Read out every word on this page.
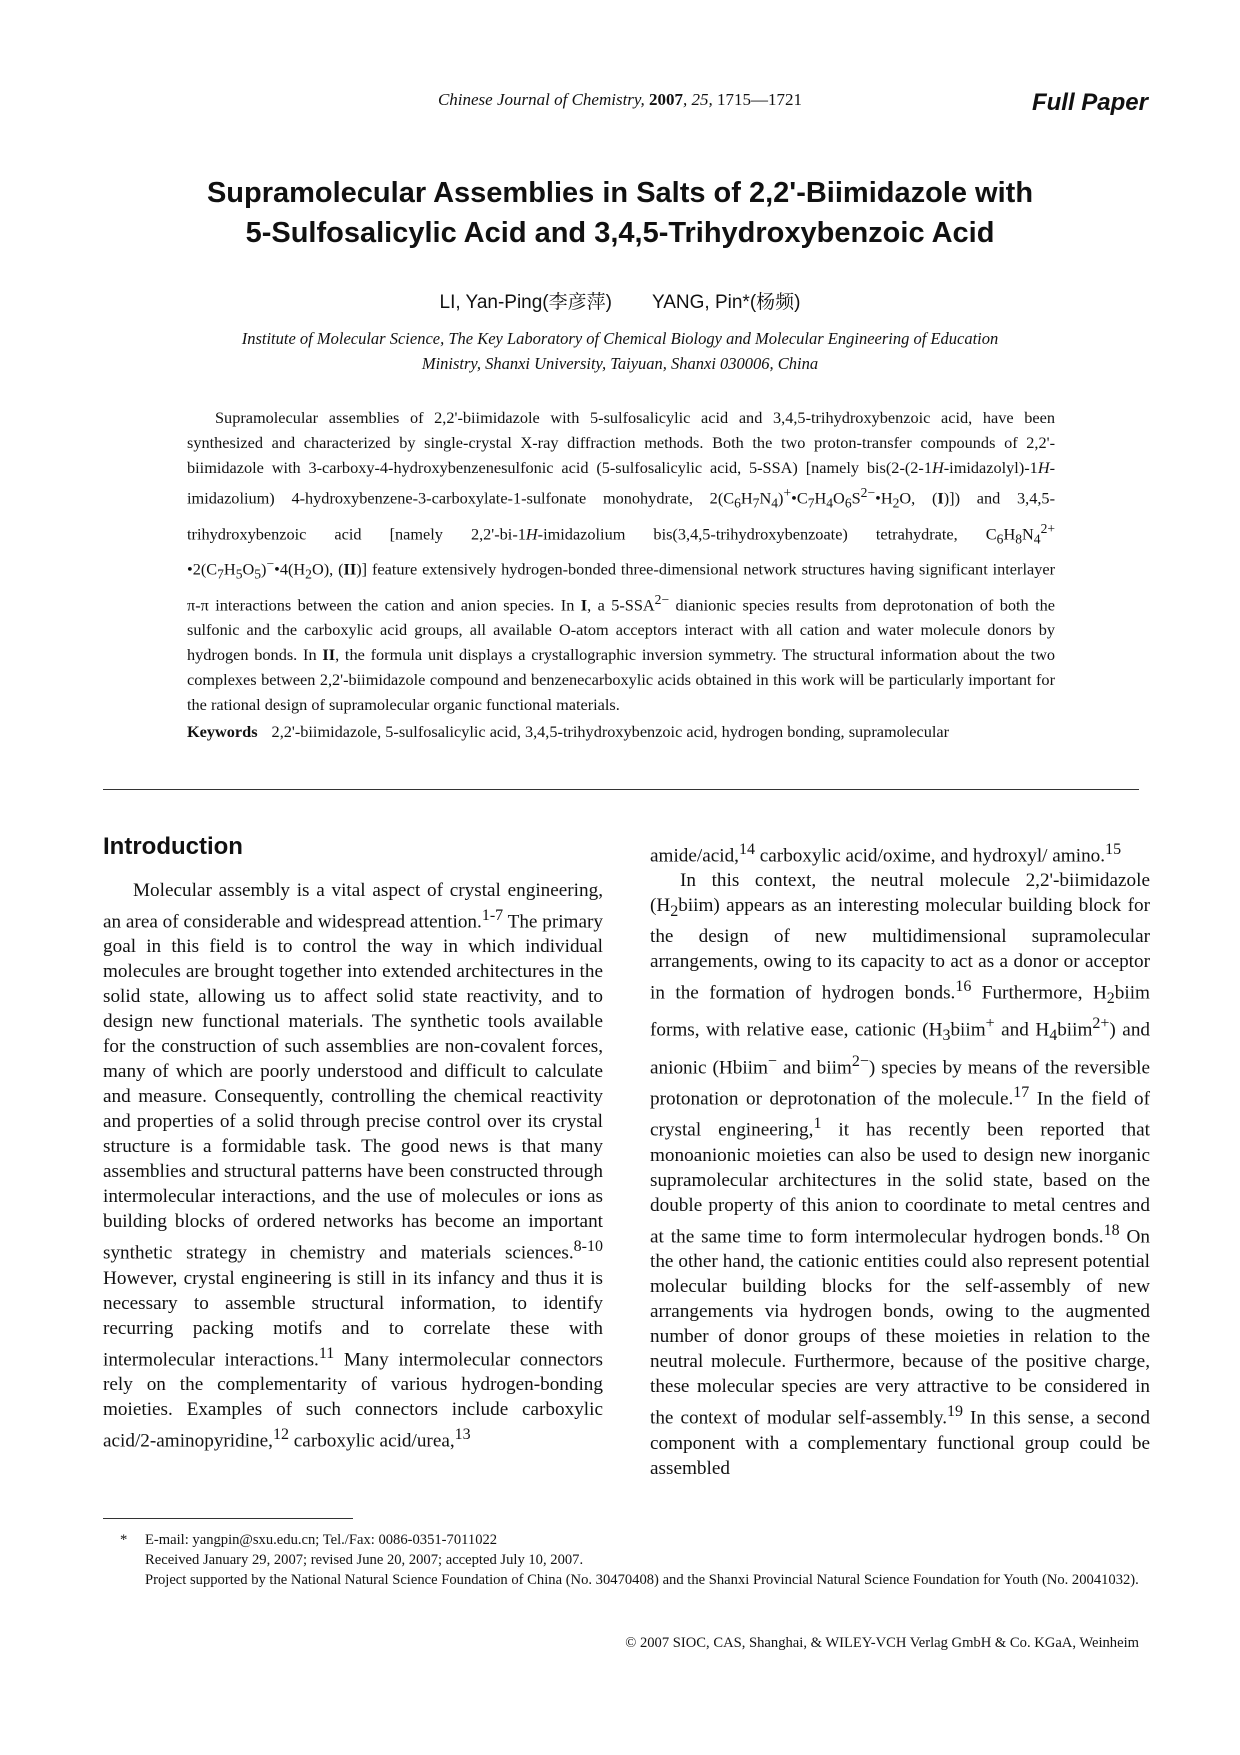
Chinese Journal of Chemistry, 2007, 25, 1715—1721	Full Paper
Supramolecular Assemblies in Salts of 2,2'-Biimidazole with
5-Sulfosalicylic Acid and 3,4,5-Trihydroxybenzoic Acid
LI, Yan-Ping(李彦萍) YANG, Pin*(杨频)
Institute of Molecular Science, The Key Laboratory of Chemical Biology and Molecular Engineering of Education
Ministry, Shanxi University, Taiyuan, Shanxi 030006, China

Supramolecular assemblies of 2,2'-biimidazole with 5-sulfosalicylic acid and 3,4,5-trihydroxybenzoic acid, have been synthesized and characterized by single-crystal X-ray diffraction methods. Both the two proton-transfer compounds of 2,2'-biimidazole with 3-carboxy-4-hydroxybenzenesulfonic acid (5-sulfosalicylic acid, 5-SSA) [namely bis(2-(2-1H-imidazolyl)-1H-imidazolium) 4-hydroxybenzene-3-carboxylate-1-sulfonate monohydrate, $2(C_6H_7N_4)^+•C_7H_4O_6S^{2-}•H_2O$, (I)]) and 3,4,5-trihydroxybenzoic acid [namely 2,2'-bi-1H-imidazolium bis(3,4,5-trihydroxybenzoate) tetrahydrate, $C_6H_8N_4^{2+}$ $•2(C_7H_5O_5)^-•4(H_2O)$, (II)] feature extensively hydrogen-bonded three-dimensional network structures having significant interlayer π-π interactions between the cation and anion species. In I, a $5-SSA^{2-}$ dianionic species results from deprotonation of both the sulfonic and the carboxylic acid groups, all available O-atom acceptors interact with all cation and water molecule donors by hydrogen bonds. In II, the formula unit displays a crystallographic inversion symmetry. The structural information about the two complexes between 2,2'-biimidazole compound and benzenecarboxylic acids obtained in this work will be particularly important for the rational design of supramolecular organic functional materials.

Keywords 2,2'-biimidazole, 5-sulfosalicylic acid, 3,4,5-trihydroxybenzoic acid, hydrogen bonding, supramolecular
Introduction

Molecular assembly is a vital aspect of crystal engineering, an area of considerable and widespread attention.$^{1-7}$ The primary goal in this field is to control the way in which individual molecules are brought together into extended architectures in the solid state, allowing us to affect solid state reactivity, and to design new functional materials. The synthetic tools available for the construction of such assemblies are non-covalent forces, many of which are poorly understood and difficult to calculate and measure. Consequently, controlling the chemical reactivity and properties of a solid through precise control over its crystal structure is a formidable task. The good news is that many assemblies and structural patterns have been constructed through intermolecular interactions, and the use of molecules or ions as building blocks of ordered networks has become an important synthetic strategy in chemistry and materials sciences.$^{8-10}$ However, crystal engineering is still in its infancy and thus it is necessary to assemble structural information, to identify recurring packing motifs and to correlate these with intermolecular interactions.$^{11}$ Many intermolecular connectors rely on the complementarity of various hydrogen-bonding moieties. Examples of such connectors include carboxylic acid/2-aminopyridine,$^{12}$ carboxylic acid/urea,$^{13}$

amide/acid,$^{14}$ carboxylic acid/oxime, and hydroxyl/ amino.$^{15}$

In this context, the neutral molecule 2,2'-biimidazole $(H_2biim)$ appears as an interesting molecular building block for the design of new multidimensional supramolecular arrangements, owing to its capacity to act as a donor or acceptor in the formation of hydrogen bonds.$^{16}$ Furthermore, $H_2biim$ forms, with relative ease, cationic ($H_3biim^+$ and $H_4biim^{2+}$) and anionic (Hbiim− and biim$^{2-}$) species by means of the reversible protonation or deprotonation of the molecule.$^{17}$ In the field of crystal engineering,$^1$ it has recently been reported that monoanionic moieties can also be used to design new inorganic supramolecular architectures in the solid state, based on the double property of this anion to coordinate to metal centres and at the same time to form intermolecular hydrogen bonds.$^{18}$ On the other hand, the cationic entities could also represent potential molecular building blocks for the self-assembly of new arrangements via hydrogen bonds, owing to the augmented number of donor groups of these moieties in relation to the neutral molecule. Furthermore, because of the positive charge, these molecular species are very attractive to be considered in the context of modular self-assembly.$^{19}$ In this sense, a second component with a complementary functional group could be assembled

* E-mail: yangpin@sxu.edu.cn; Tel./Fax: 0086-0351-7011022
Received January 29, 2007; revised June 20, 2007; accepted July 10, 2007.
Project supported by the National Natural Science Foundation of China (No. 30470408) and the Shanxi Provincial Natural Science Foundation for Youth (No. 20041032).
© 2007 SIOC, CAS, Shanghai, & WILEY-VCH Verlag GmbH & Co. KGaA, Weinheim
